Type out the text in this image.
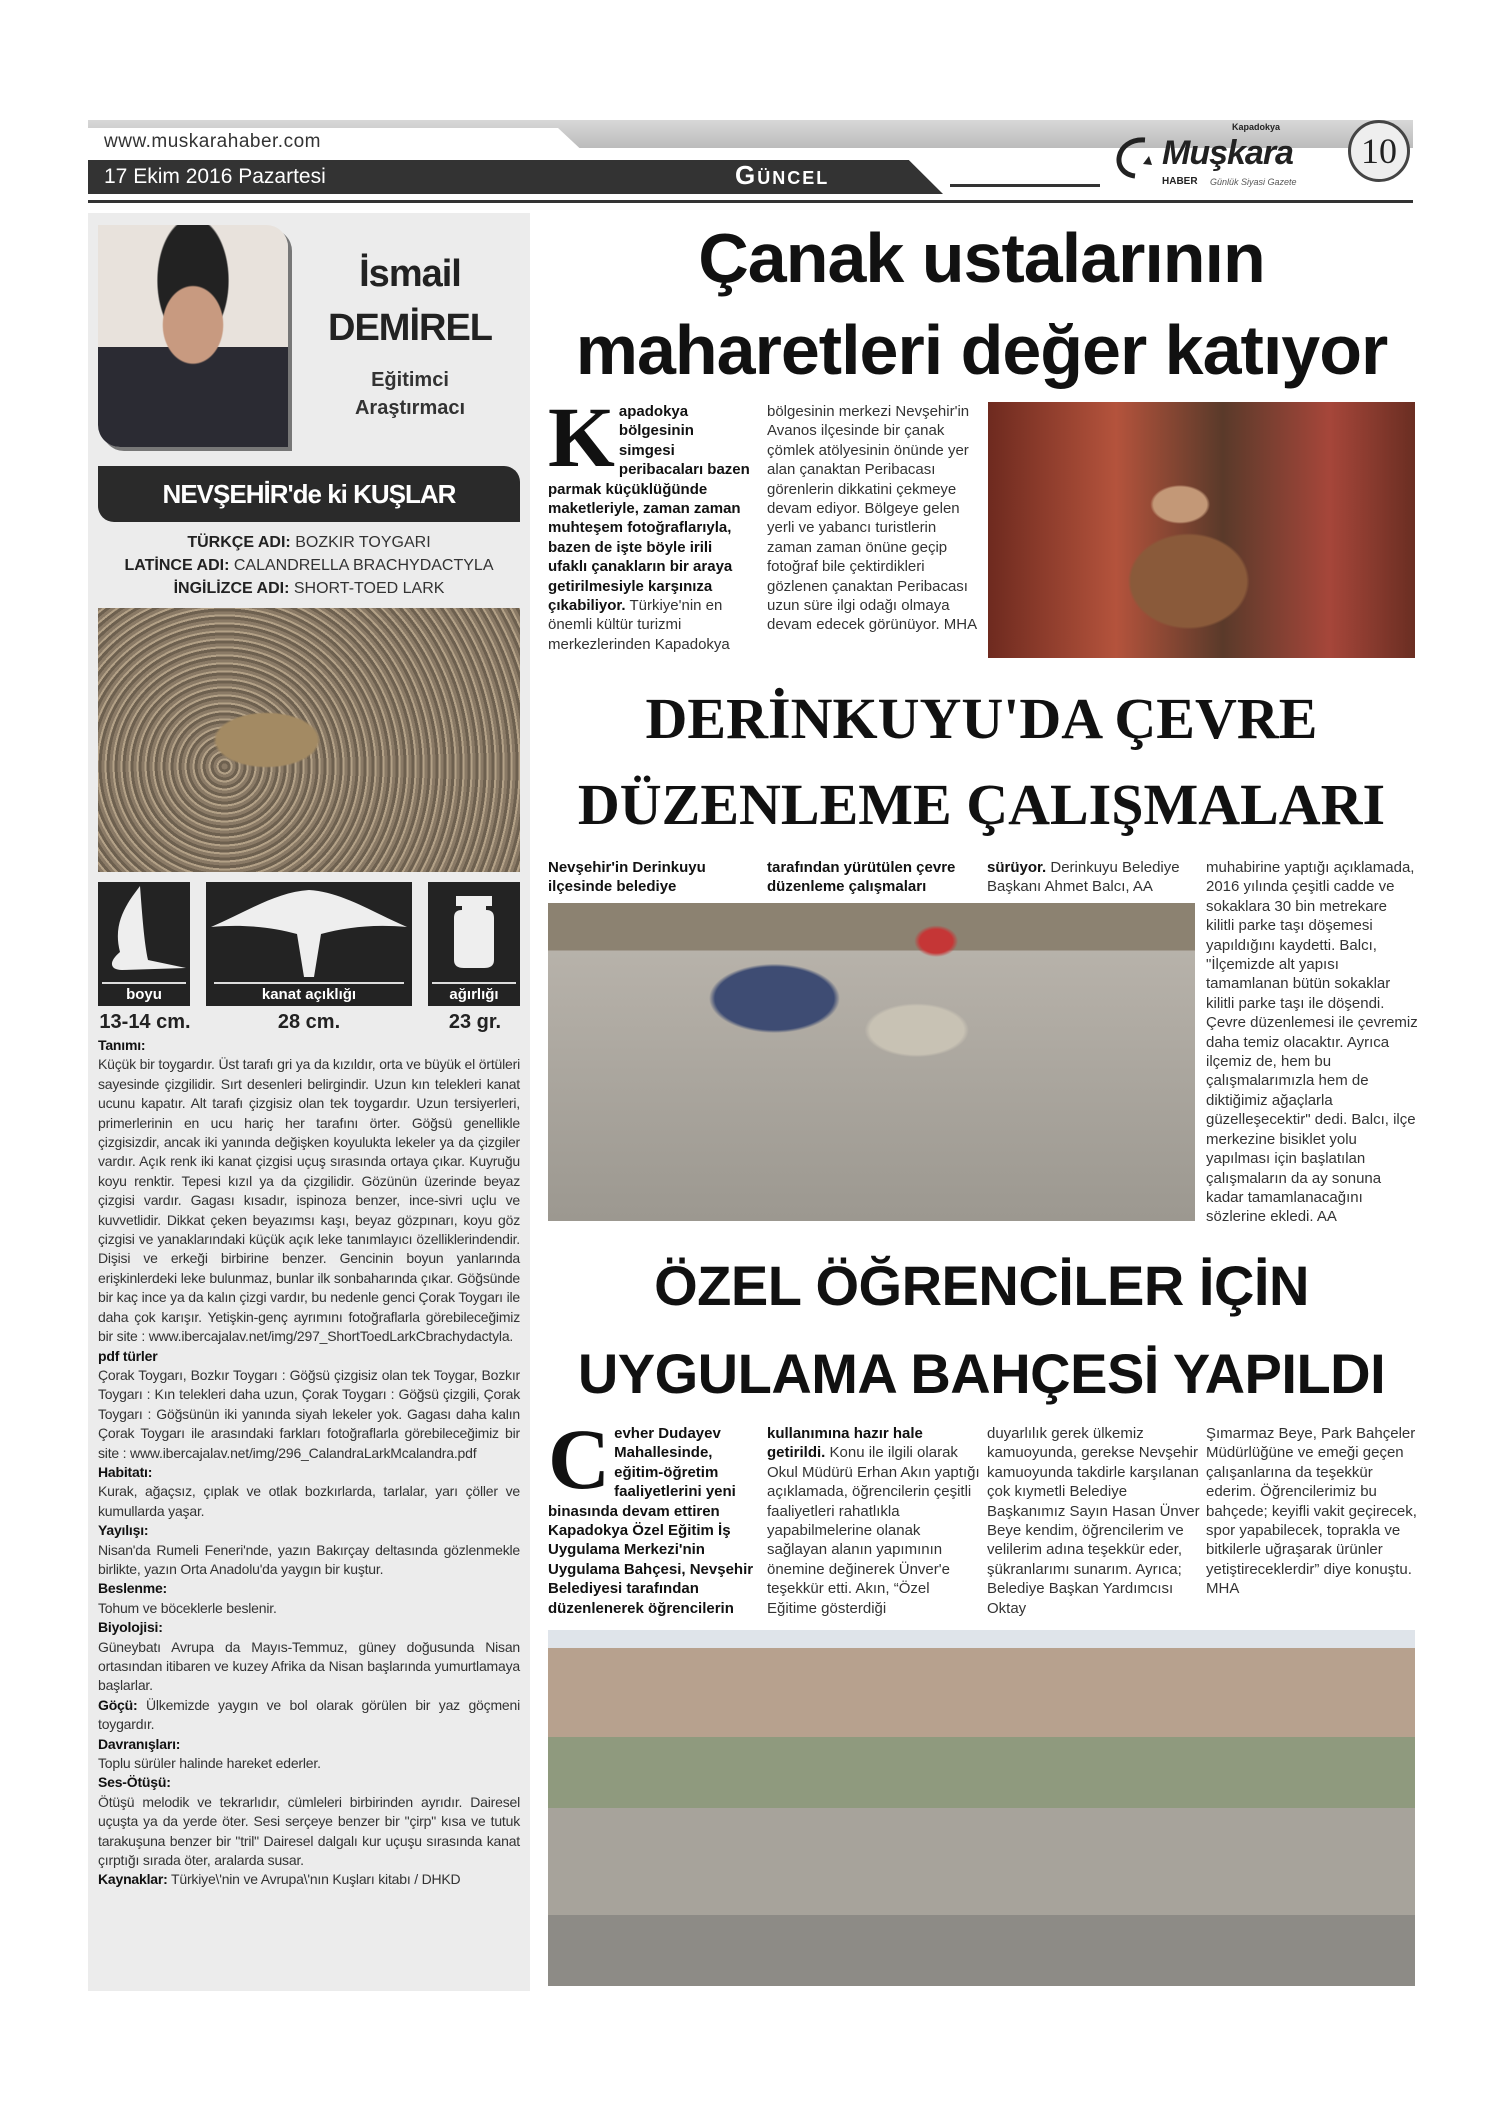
www.muskarahaber.com
17 Ekim 2016 Pazartesi	Güncel
Kapadokya
Muşkara
HABER Günlük Siyasi Gazete
10
İsmail
DEMİREL
Eğitimci
Araştırmacı
NEVŞEHİR'de ki KUŞLAR
TÜRKÇE ADI: BOZKIR TOYGARI
LATİNCE ADI: CALANDRELLA BRACHYDACTYLA
İNGİLİZCE ADI: SHORT-TOED LARK
boyu	kanat açıklığı	ağırlığı
13-14 cm.	28 cm.	23 gr.
Tanımı:
Küçük bir toygardır. Üst tarafı gri ya da kızıldır, orta ve büyük el örtüleri sayesinde çizgilidir. Sırt desenleri belirgindir. Uzun kın telekleri kanat ucunu kapatır. Alt tarafı çizgisiz olan tek toygardır. Uzun tersiyerleri, primerlerinin en ucu hariç her tarafını örter. Göğsü genellikle çizgisizdir, ancak iki yanında değişken koyulukta lekeler ya da çizgiler vardır. Açık renk iki kanat çizgisi uçuş sırasında ortaya çıkar. Kuyruğu koyu renktir. Tepesi kızıl ya da çizgilidir. Gözünün üzerinde beyaz çizgisi vardır. Gagası kısadır, ispinoza benzer, ince-sivri uçlu ve kuvvetlidir. Dikkat çeken beyazımsı kaşı, beyaz gözpınarı, koyu göz çizgisi ve yanaklarındaki küçük açık leke tanımlayıcı özelliklerindendir. Dişisi ve erkeği birbirine benzer. Gencinin boyun yanlarında erişkinlerdeki leke bulunmaz, bunlar ilk sonbaharında çıkar. Göğsünde bir kaç ince ya da kalın çizgi vardır, bu nedenle genci Çorak Toygarı ile daha çok karışır. Yetişkin-genç ayrımını fotoğraflarla görebileceğimiz bir site : www.ibercajalav.net/img/297_ShortToedLarkCbrachydactyla.
pdf türler
Çorak Toygarı, Bozkır Toygarı : Göğsü çizgisiz olan tek Toygar, Bozkır Toygarı : Kın telekleri daha uzun, Çorak Toygarı : Göğsü çizgili, Çorak Toygarı : Göğsünün iki yanında siyah lekeler yok. Gagası daha kalın Çorak Toygarı ile arasındaki farkları fotoğraflarla görebileceğimiz bir site : www.ibercajalav.net/img/296_CalandraLarkMcalandra.pdf
Habitatı:
Kurak, ağaçsız, çıplak ve otlak bozkırlarda, tarlalar, yarı çöller ve kumullarda yaşar.
Yayılışı:
Nisan'da Rumeli Feneri'nde, yazın Bakırçay deltasında gözlenmekle birlikte, yazın Orta Anadolu'da yaygın bir kuştur.
Beslenme:
Tohum ve böceklerle beslenir.
Biyolojisi:
Güneybatı Avrupa da Mayıs-Temmuz, güney doğusunda Nisan ortasından itibaren ve kuzey Afrika da Nisan başlarında yumurtlamaya başlarlar.
Göçü: Ülkemizde yaygın ve bol olarak görülen bir yaz göçmeni toygardır.
Davranışları:
Toplu sürüler halinde hareket ederler.
Ses-Ötüşü:
Ötüşü melodik ve tekrarlıdır, cümleleri birbirinden ayrıdır. Dairesel uçuşta ya da yerde öter. Sesi serçeye benzer bir "çirp" kısa ve tutuk tarakuşuna benzer bir "tril" Dairesel dalgalı kur uçuşu sırasında kanat çırptığı sırada öter, aralarda susar.
Kaynaklar: Türkiye\'nin ve Avrupa\'nın Kuşları kitabı / DHKD
Çanak ustalarının
maharetleri değer katıyor
Kapadokya bölgesinin simgesi peribacaları bazen parmak küçüklüğünde maketleriyle, zaman zaman muhteşem fotoğraflarıyla, bazen de işte böyle irili ufaklı çanakların bir araya getirilmesiyle karşınıza çıkabiliyor. Türkiye'nin en önemli kültür turizmi merkezlerinden Kapadokya
bölgesinin merkezi Nevşehir'in Avanos ilçesinde bir çanak çömlek atölyesinin önünde yer alan çanaktan Peribacası görenlerin dikkatini çekmeye devam ediyor. Bölgeye gelen yerli ve yabancı turistlerin zaman zaman önüne geçip fotoğraf bile çektirdikleri gözlenen çanaktan Peribacası uzun süre ilgi odağı olmaya devam edecek görünüyor. MHA
DERİNKUYU'DA ÇEVRE
DÜZENLEME ÇALIŞMALARI
Nevşehir'in Derinkuyu ilçesinde belediye
tarafından yürütülen çevre düzenleme çalışmaları
sürüyor. Derinkuyu Belediye Başkanı Ahmet Balcı, AA
muhabirine yaptığı açıklamada, 2016 yılında çeşitli cadde ve sokaklara 30 bin metrekare kilitli parke taşı döşemesi yapıldığını kaydetti. Balcı, "İlçemizde alt yapısı tamamlanan bütün sokaklar kilitli parke taşı ile döşendi. Çevre düzenlemesi ile çevremiz daha temiz olacaktır. Ayrıca ilçemiz de, hem bu çalışmalarımızla hem de diktiğimiz ağaçlarla güzelleşecektir" dedi. Balcı, ilçe merkezine bisiklet yolu yapılması için başlatılan çalışmaların da ay sonuna kadar tamamlanacağını sözlerine ekledi. AA
ÖZEL ÖĞRENCİLER İÇİN
UYGULAMA BAHÇESİ YAPILDI
Cevher Dudayev Mahallesinde, eğitim-öğretim faaliyetlerini yeni binasında devam ettiren Kapadokya Özel Eğitim İş Uygulama Merkezi'nin Uygulama Bahçesi, Nevşehir Belediyesi tarafından düzenlenerek öğrencilerin
kullanımına hazır hale getirildi. Konu ile ilgili olarak Okul Müdürü Erhan Akın yaptığı açıklamada, öğrencilerin çeşitli faaliyetleri rahatlıkla yapabilmelerine olanak sağlayan alanın yapımının önemine değinerek Ünver'e teşekkür etti. Akın, “Özel Eğitime gösterdiği
duyarlılık gerek ülkemiz kamuoyunda, gerekse Nevşehir kamuoyunda takdirle karşılanan çok kıymetli Belediye Başkanımız Sayın Hasan Ünver Beye kendim, öğrencilerim ve velilerim adına teşekkür eder, şükranlarımı sunarım. Ayrıca; Belediye Başkan Yardımcısı Oktay
Şımarmaz Beye, Park Bahçeler Müdürlüğüne ve emeği geçen çalışanlarına da teşekkür ederim. Öğrencilerimiz bu bahçede; keyifli vakit geçirecek, spor yapabilecek, toprakla ve bitkilerle uğraşarak ürünler yetiştireceklerdir” diye konuştu. MHA
